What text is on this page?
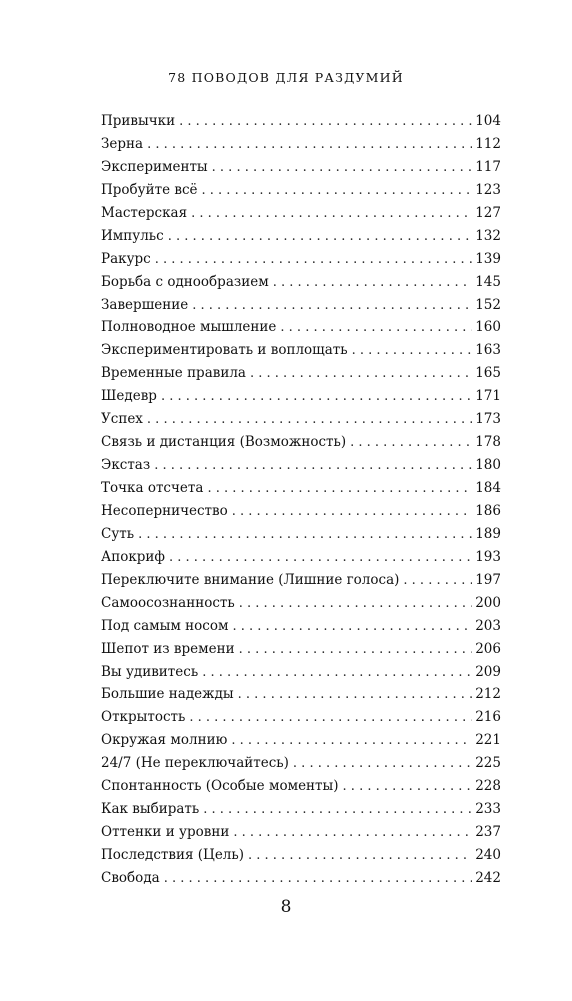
78 ПОВОДОВ ДЛЯ РАЗДУМИЙ
Привычки . . .	104
Зерна . . .	112
Эксперименты . . .	117
Пробуйте всё . . .	123
Мастерская . . .	127
Импульс . . .	132
Ракурс . . .	139
Борьба с однообразием . . .	145
Завершение . . .	152
Полноводное мышление . . .	160
Экспериментировать и воплощать . . .	163
Временные правила . . .	165
Шедевр . . .	171
Успех . . .	173
Связь и дистанция (Возможность) . . .	178
Экстаз . . .	180
Точка отсчета . . .	184
Несоперничество . . .	186
Суть . . .	189
Апокриф . . .	193
Переключите внимание (Лишние голоса) . . .	197
Самоосознанность . . .	200
Под самым носом . . .	203
Шепот из времени . . .	206
Вы удивитесь . . .	209
Большие надежды . . .	212
Открытость . . .	216
Окружая молнию . . .	221
24/7 (Не переключайтесь) . . .	225
Спонтанность (Особые моменты) . . .	228
Как выбирать . . .	233
Оттенки и уровни . . .	237
Последствия (Цель) . . .	240
Свобода . . .	242
8
